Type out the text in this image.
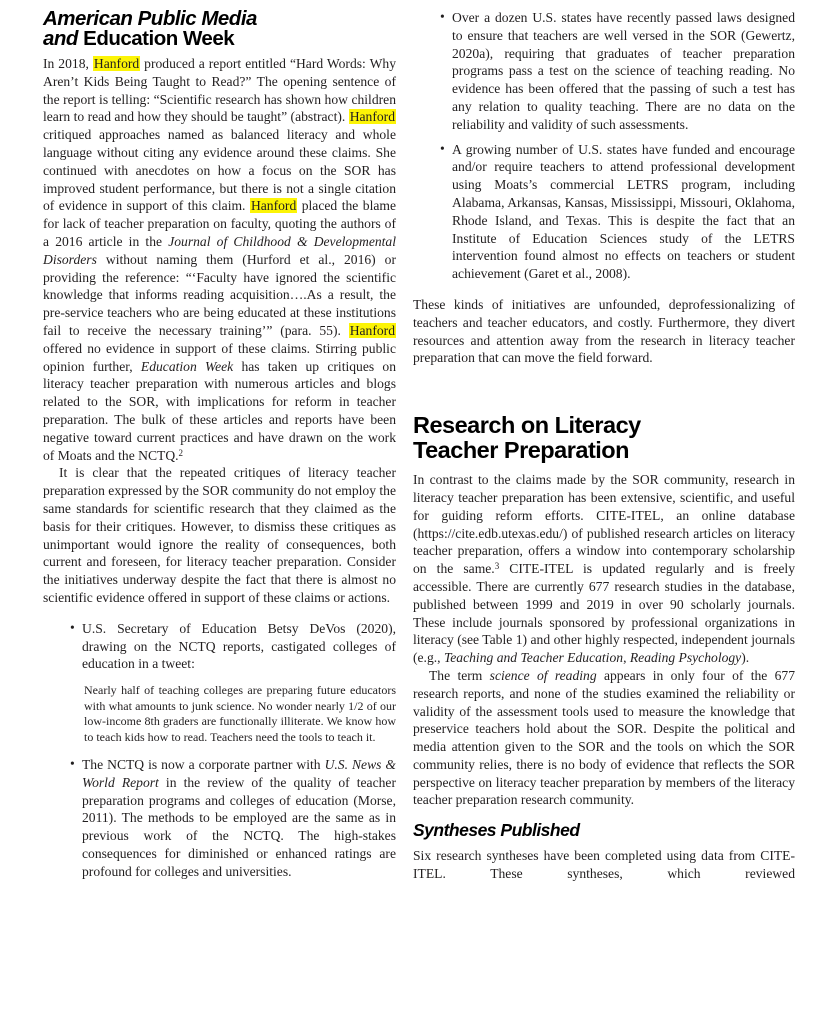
American Public Media
and Education Week
In 2018, Hanford produced a report entitled “Hard Words: Why Aren’t Kids Being Taught to Read?” The opening sentence of the report is telling: “Scientific research has shown how children learn to read and how they should be taught” (abstract). Hanford critiqued approaches named as balanced literacy and whole language without citing any evidence around these claims. She continued with anecdotes on how a focus on the SOR has improved student performance, but there is not a single citation of evidence in support of this claim. Hanford placed the blame for lack of teacher preparation on faculty, quoting the authors of a 2016 article in the Journal of Childhood & Developmental Disorders without naming them (Hurford et al., 2016) or providing the reference: “‘Faculty have ignored the scientific knowledge that informs reading acquisition….As a result, the pre-service teachers who are being educated at these institutions fail to receive the necessary training’” (para. 55). Hanford offered no evidence in support of these claims. Stirring public opinion further, Education Week has taken up critiques on literacy teacher preparation with numerous articles and blogs related to the SOR, with implications for reform in teacher preparation. The bulk of these articles and reports have been negative toward current practices and have drawn on the work of Moats and the NCTQ.$^2$
It is clear that the repeated critiques of literacy teacher preparation expressed by the SOR community do not employ the same standards for scientific research that they claimed as the basis for their critiques. However, to dismiss these critiques as unimportant would ignore the reality of consequences, both current and foreseen, for literacy teacher preparation. Consider the initiatives underway despite the fact that there is almost no scientific evidence offered in support of these claims or actions.
• U.S. Secretary of Education Betsy DeVos (2020), drawing on the NCTQ reports, castigated colleges of education in a tweet:
Nearly half of teaching colleges are preparing future educators with what amounts to junk science. No wonder nearly 1/2 of our low-income 8th graders are functionally illiterate. We know how to teach kids how to read. Teachers need the tools to teach it.
• The NCTQ is now a corporate partner with U.S. News & World Report in the review of the quality of teacher preparation programs and colleges of education (Morse, 2011). The methods to be employed are the same as in previous work of the NCTQ. The high-stakes consequences for diminished or enhanced ratings are profound for colleges and universities.
• Over a dozen U.S. states have recently passed laws designed to ensure that teachers are well versed in the SOR (Gewertz, 2020a), requiring that graduates of teacher preparation programs pass a test on the science of teaching reading. No evidence has been offered that the passing of such a test has any relation to quality teaching. There are no data on the reliability and validity of such assessments.
• A growing number of U.S. states have funded and encourage and/or require teachers to attend professional development using Moats’s commercial LETRS program, including Alabama, Arkansas, Kansas, Mississippi, Missouri, Oklahoma, Rhode Island, and Texas. This is despite the fact that an Institute of Education Sciences study of the LETRS intervention found almost no effects on teachers or student achievement (Garet et al., 2008).
These kinds of initiatives are unfounded, deprofessionalizing of teachers and teacher educators, and costly. Furthermore, they divert resources and attention away from the research in literacy teacher preparation that can move the field forward.
Research on Literacy
Teacher Preparation
In contrast to the claims made by the SOR community, research in literacy teacher preparation has been extensive, scientific, and useful for guiding reform efforts. CITE-ITEL, an online database (https://cite.edb.utexas.edu/) of published research articles on literacy teacher preparation, offers a window into contemporary scholarship on the same.$^3$ CITE-ITEL is updated regularly and is freely accessible. There are currently 677 research studies in the database, published between 1999 and 2019 in over 90 scholarly journals. These include journals sponsored by professional organizations in literacy (see Table 1) and other highly respected, independent journals (e.g., Teaching and Teacher Education, Reading Psychology).
The term science of reading appears in only four of the 677 research reports, and none of the studies examined the reliability or validity of the assessment tools used to measure the knowledge that preservice teachers hold about the SOR. Despite the political and media attention given to the SOR and the tools on which the SOR community relies, there is no body of evidence that reflects the SOR perspective on literacy teacher preparation by members of the literacy teacher preparation research community.
Syntheses Published
Six research syntheses have been completed using data from CITE-ITEL. These syntheses, which reviewed
